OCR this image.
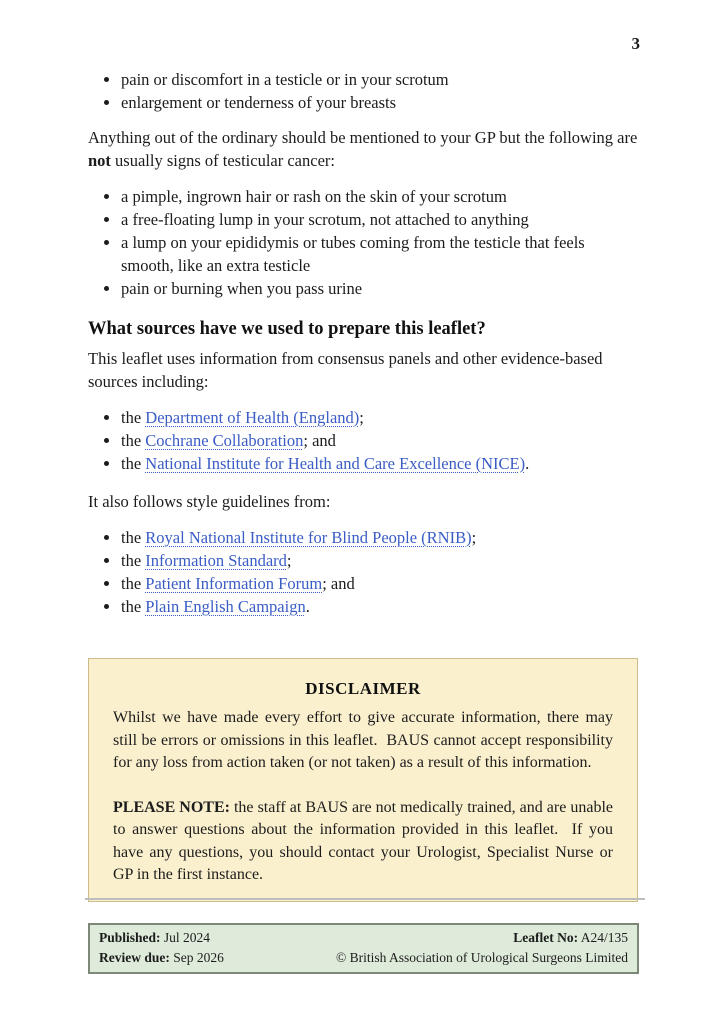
3
• pain or discomfort in a testicle or in your scrotum
• enlargement or tenderness of your breasts

Anything out of the ordinary should be mentioned to your GP but the following are not usually signs of testicular cancer:

• a pimple, ingrown hair or rash on the skin of your scrotum
• a free-floating lump in your scrotum, not attached to anything
• a lump on your epididymis or tubes coming from the testicle that feels smooth, like an extra testicle
• pain or burning when you pass urine
What sources have we used to prepare this leaflet?

This leaflet uses information from consensus panels and other evidence-based sources including:

• the Department of Health (England);
• the Cochrane Collaboration; and
• the National Institute for Health and Care Excellence (NICE).

It also follows style guidelines from:

• the Royal National Institute for Blind People (RNIB);
• the Information Standard;
• the Patient Information Forum; and
• the Plain English Campaign.
DISCLAIMER

Whilst we have made every effort to give accurate information, there may still be errors or omissions in this leaflet.  BAUS cannot accept responsibility for any loss from action taken (or not taken) as a result of this information.

PLEASE NOTE: the staff at BAUS are not medically trained, and are unable to answer questions about the information provided in this leaflet.  If you have any questions, you should contact your Urologist, Specialist Nurse or GP in the first instance.

Published: Jul 2024
Review due: Sep 2026
Leaflet No: A24/135
© British Association of Urological Surgeons Limited
